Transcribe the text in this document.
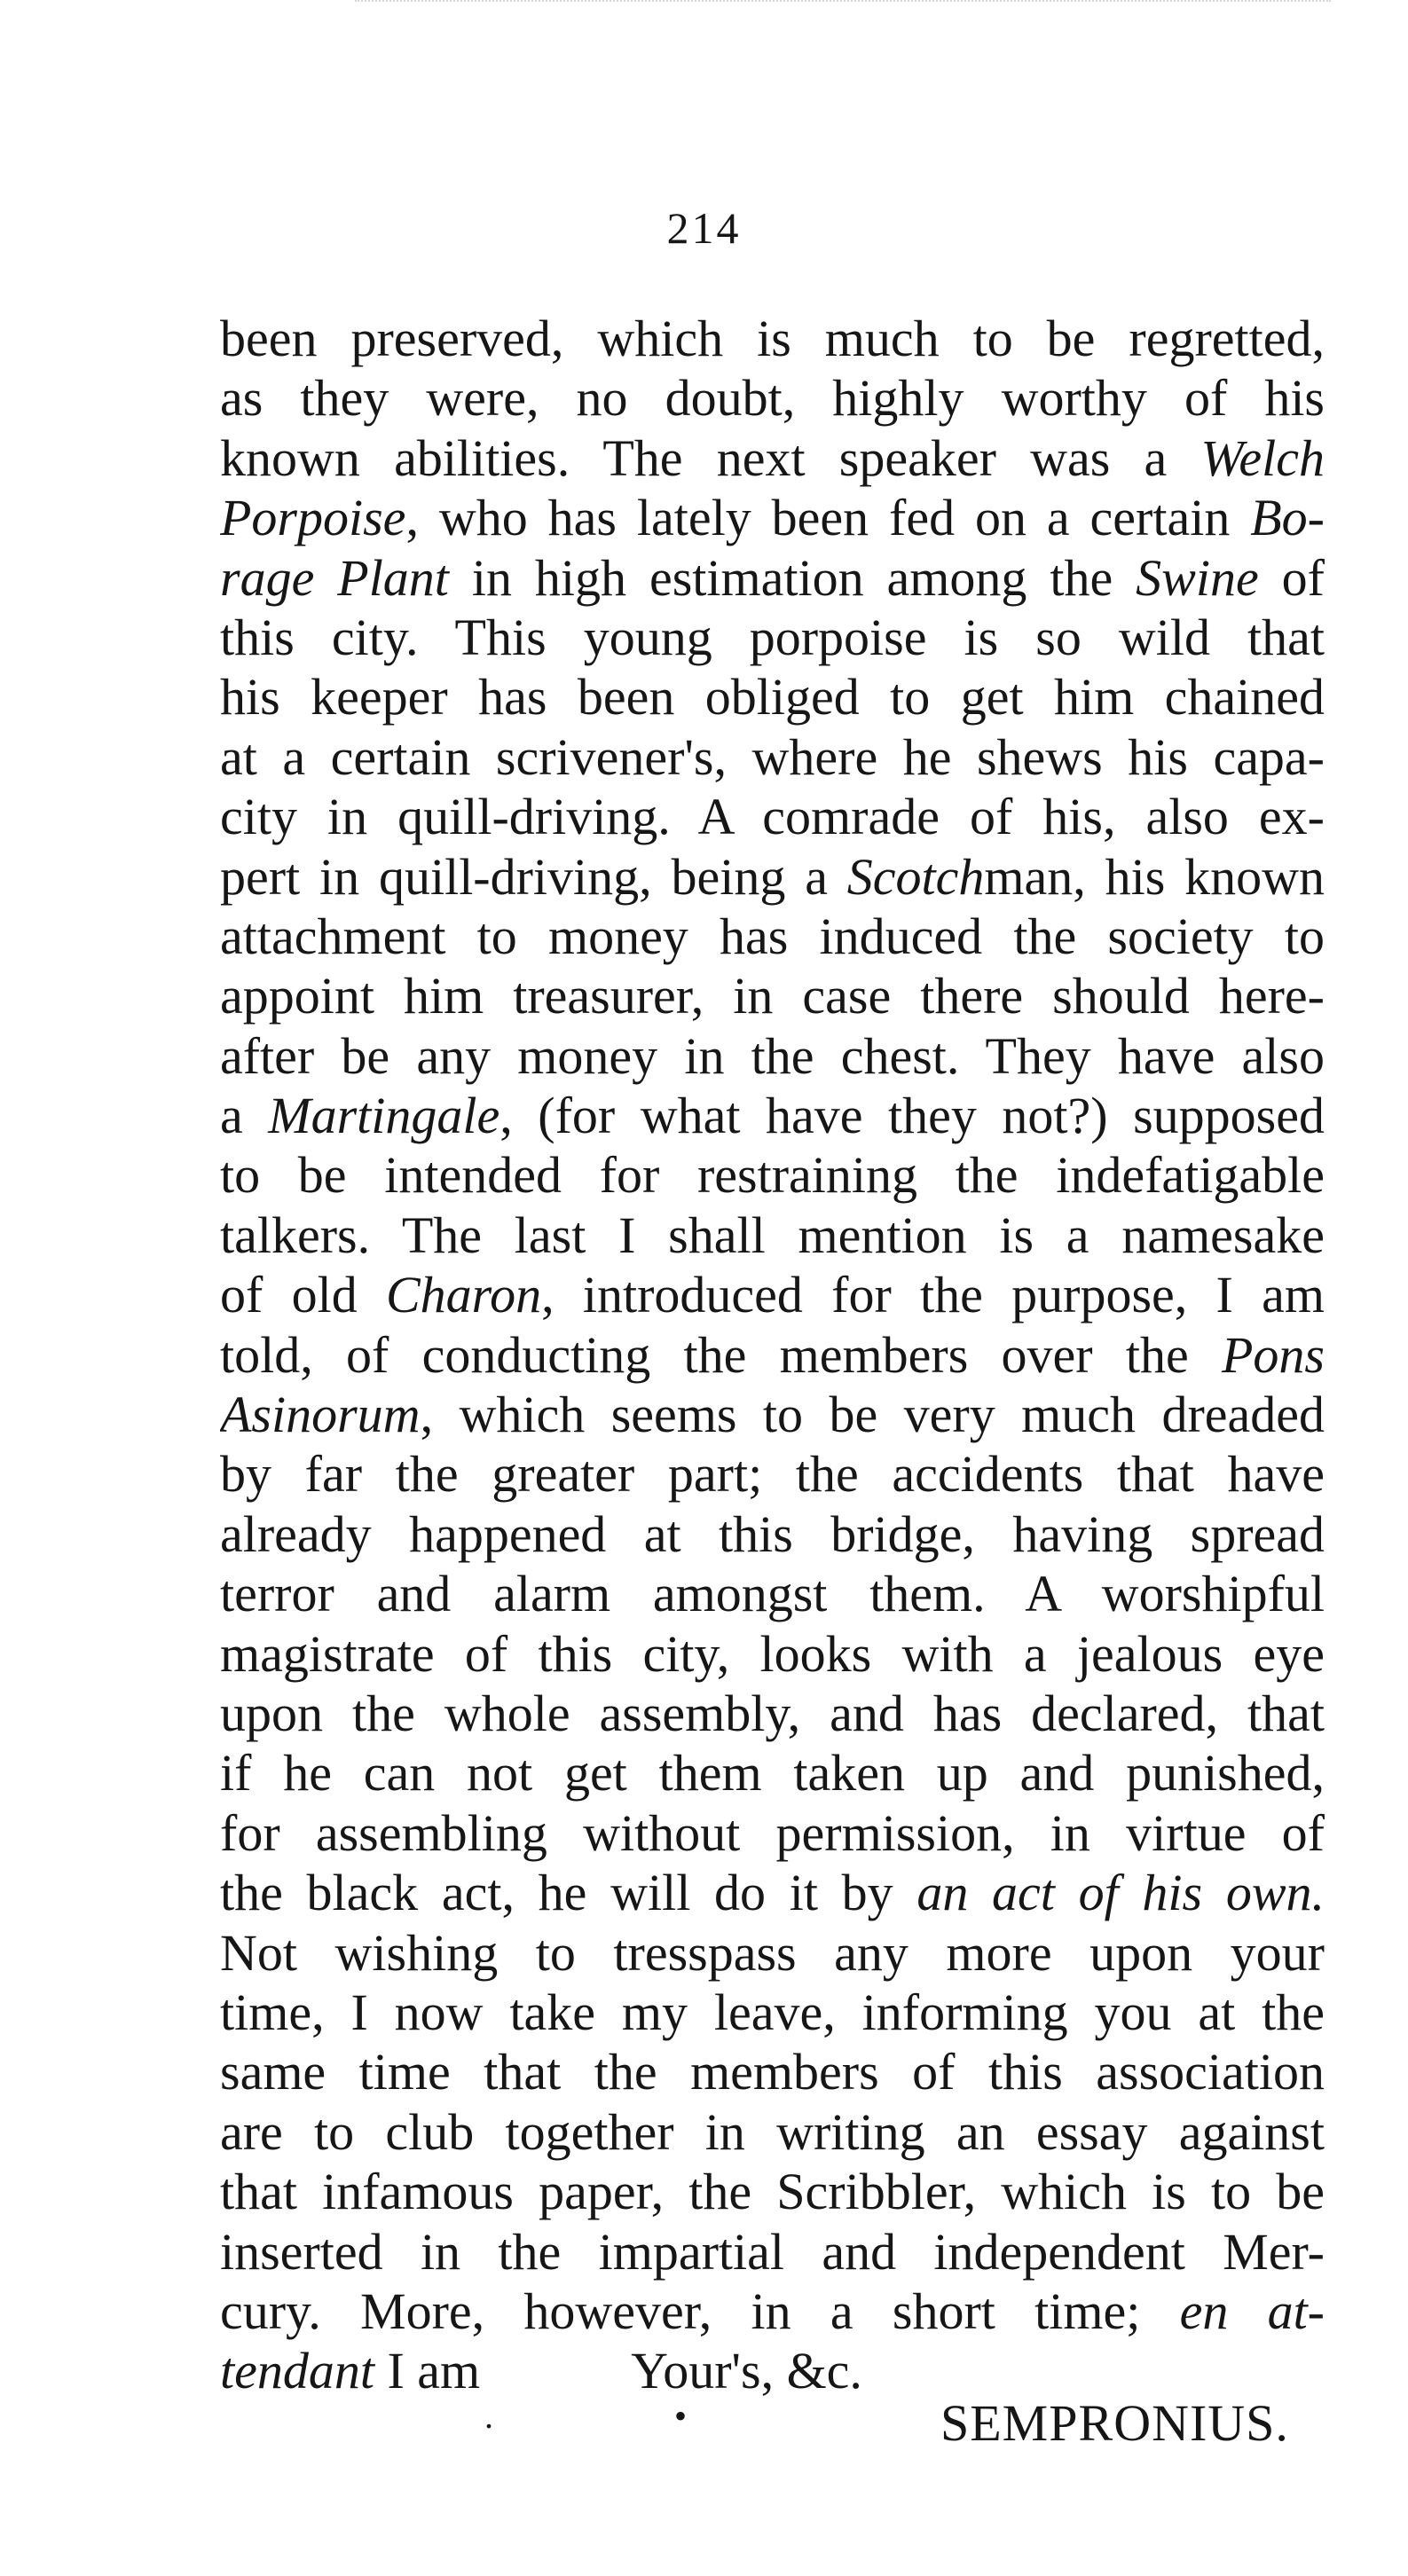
214
been preserved, which is much to be regretted,
as they were, no doubt, highly worthy of his
known abilities. The next speaker was a Welch
Porpoise, who has lately been fed on a certain Bo-
rage Plant in high estimation among the Swine of
this city. This young porpoise is so wild that
his keeper has been obliged to get him chained
at a certain scrivener's, where he shews his capa-
city in quill-driving. A comrade of his, also ex-
pert in quill-driving, being a Scotchman, his known
attachment to money has induced the society to
appoint him treasurer, in case there should here-
after be any money in the chest. They have also
a Martingale, (for what have they not?) supposed
to be intended for restraining the indefatigable
talkers. The last I shall mention is a namesake
of old Charon, introduced for the purpose, I am
told, of conducting the members over the Pons
Asinorum, which seems to be very much dreaded
by far the greater part; the accidents that have
already happened at this bridge, having spread
terror and alarm amongst them. A worshipful
magistrate of this city, looks with a jealous eye
upon the whole assembly, and has declared, that
if he can not get them taken up and punished,
for assembling without permission, in virtue of
the black act, he will do it by an act of his own.
Not wishing to tresspass any more upon your
time, I now take my leave, informing you at the
same time that the members of this association
are to club together in writing an essay against
that infamous paper, the Scribbler, which is to be
inserted in the impartial and independent Mer-
cury. More, however, in a short time; en at-
tendant I am	Your's, &c.
.	•	SEMPRONIUS.
